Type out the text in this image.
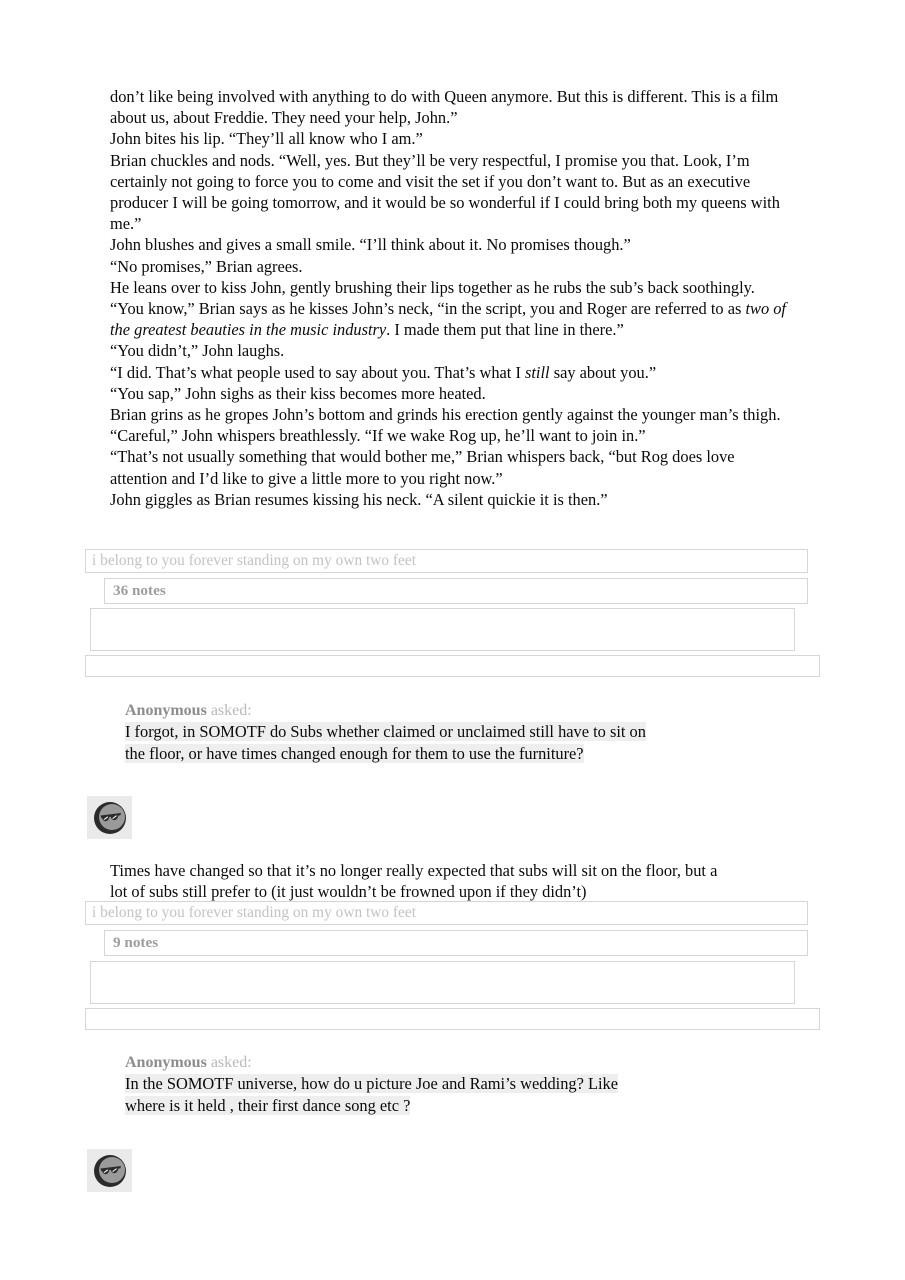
don’t like being involved with anything to do with Queen anymore. But this is different. This is a film about us, about Freddie. They need your help, John.”

John bites his lip. “They’ll all know who I am.”

Brian chuckles and nods. “Well, yes. But they’ll be very respectful, I promise you that. Look, I’m certainly not going to force you to come and visit the set if you don’t want to. But as an executive producer I will be going tomorrow, and it would be so wonderful if I could bring both my queens with me.”

John blushes and gives a small smile. “I’ll think about it. No promises though.”

“No promises,” Brian agrees.

He leans over to kiss John, gently brushing their lips together as he rubs the sub’s back soothingly.

“You know,” Brian says as he kisses John’s neck, “in the script, you and Roger are referred to as two of the greatest beauties in the music industry. I made them put that line in there.”

“You didn’t,” John laughs.

“I did. That’s what people used to say about you. That’s what I still say about you.”

“You sap,” John sighs as their kiss becomes more heated.

Brian grins as he gropes John’s bottom and grinds his erection gently against the younger man’s thigh.

“Careful,” John whispers breathlessly. “If we wake Rog up, he’ll want to join in.”

“That’s not usually something that would bother me,” Brian whispers back, “but Rog does love attention and I’d like to give a little more to you right now.”

John giggles as Brian resumes kissing his neck. “A silent quickie it is then.”

i belong to you forever standing on my own two feet
36 notes
Anonymous asked:
I forgot, in SOMOTF do Subs whether claimed or unclaimed still have to sit on
the floor, or have times changed enough for them to use the furniture?
Times have changed so that it’s no longer really expected that subs will sit on the floor, but a
lot of subs still prefer to (it just wouldn’t be frowned upon if they didn’t)
i belong to you forever standing on my own two feet
9 notes
Anonymous asked:
In the SOMOTF universe, how do u picture Joe and Rami’s wedding? Like
where is it held , their first dance song etc ?
